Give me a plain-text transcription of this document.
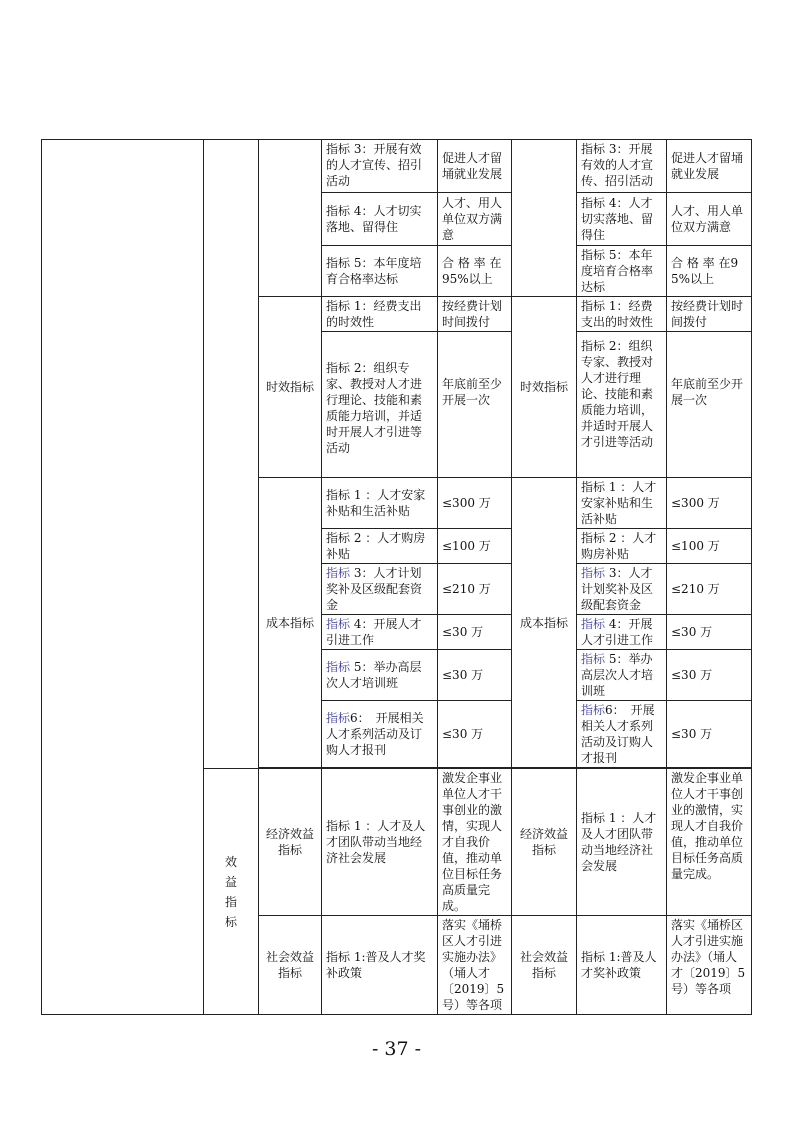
			指标 3：开展有效的人才宣传、招引活动	促进人才留埇就业发展		指标 3：开展有效的人才宣传、招引活动	促进人才留埇就业发展
			指标 4：人才切实落地、留得住	人才、用人单位双方满意		指标 4：人才切实落地、留得住	人才、用人单位双方满意
			指标 5：本年度培育合格率达标	合 格 率 在95%以上		指标 5：本年度培育合格率达标	合 格 率 在95%以上
		时效指标	指标 1：经费支出的时效性	按经费计划时间拨付	时效指标	指标 1：经费支出的时效性	按经费计划时间拨付
			指标 2：组织专家、教授对人才进行理论、技能和素质能力培训，并适时开展人才引进等活动	年底前至少开展一次		指标 2：组织专家、教授对人才进行理论、技能和素质能力培训，并适时开展人才引进等活动	年底前至少开展一次
		成本指标	指标 1 ：人才安家补贴和生活补贴	≤300 万	成本指标	指标 1 ：人才安家补贴和生活补贴	≤300 万
			指标 2 ：人才购房补贴	≤100 万		指标 2 ：人才购房补贴	≤100 万
			指标 3：人才计划奖补及区级配套资金	≤210 万		指标 3：人才计划奖补及区级配套资金	≤210 万
			指标 4：开展人才引进工作	≤30 万		指标 4：开展人才引进工作	≤30 万
			指标 5：举办高层次人才培训班	≤30 万		指标 5：举办高层次人才培训班	≤30 万
			指标6：　开展相关人才系列活动及订购人才报刊	≤30 万		指标6：　开展相关人才系列活动及订购人才报刊	≤30 万

	效益指标	经济效益指标	指标 1 ：人才及人才团队带动当地经济社会发展	激发企事业单位人才干事创业的激情，实现人才自我价值，推动单位目标任务高质量完成。	经济效益指标	指标 1 ：人才及人才团队带动当地经济社会发展	激发企事业单位人才干事创业的激情，实现人才自我价值，推动单位目标任务高质量完成。
		社会效益指标	指标 1:普及人才奖补政策	落实《埇桥区人才引进实施办法》（埇人才〔2019〕5号）等各项	社会效益指标	指标 1:普及人才奖补政策	落实《埇桥区人才引进实施办法》（埇人才〔2019〕5号）等各项
- 37 -
